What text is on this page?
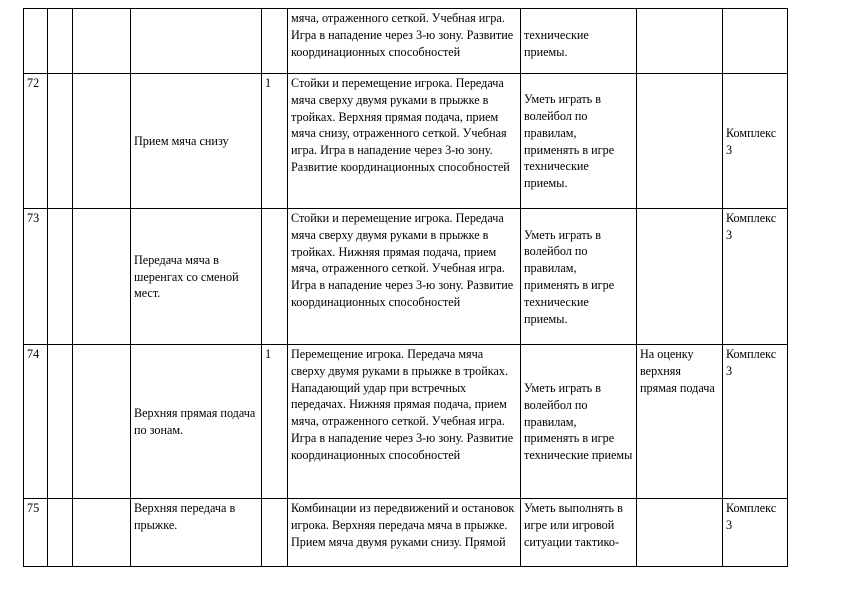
					мяча, отраженного сеткой. Учебная игра. Игра в нападение через 3-ю зону. Развитие координационных способностей	технические приемы.		
72			Прием мяча снизу	1	Стойки и перемещение игрока. Передача мяча сверху двумя руками в прыжке в тройках. Верхняя прямая подача, прием мяча снизу, отраженного сеткой. Учебная игра. Игра в нападение через 3-ю зону. Развитие координационных способностей	Уметь играть в волейбол по правилам, применять в игре технические приемы.		Комплекс 3
73			Передача мяча в шеренгах со сменой мест.		Стойки и перемещение игрока. Передача мяча сверху двумя руками в прыжке в тройках. Нижняя прямая подача, прием мяча, отраженного сеткой. Учебная игра. Игра в нападение через 3-ю зону. Развитие координационных способностей	Уметь играть в волейбол по правилам, применять в игре технические приемы.		Комплекс 3
74			Верхняя прямая подача по зонам.	1	Перемещение игрока. Передача мяча сверху двумя руками в прыжке в тройках. Нападающий удар при встречных передачах. Нижняя прямая подача, прием мяча, отраженного сеткой. Учебная игра. Игра в нападение через 3-ю зону. Развитие координационных способностей	Уметь играть в волейбол по правилам, применять в игре технические приемы	На оценку верхняя прямая подача	Комплекс 3
75			Верхняя передача в прыжке.		Комбинации из передвижений и остановок игрока. Верхняя передача мяча в прыжке. Прием мяча двумя руками снизу. Прямой	Уметь выполнять в игре или игровой ситуации тактико-		Комплекс 3
